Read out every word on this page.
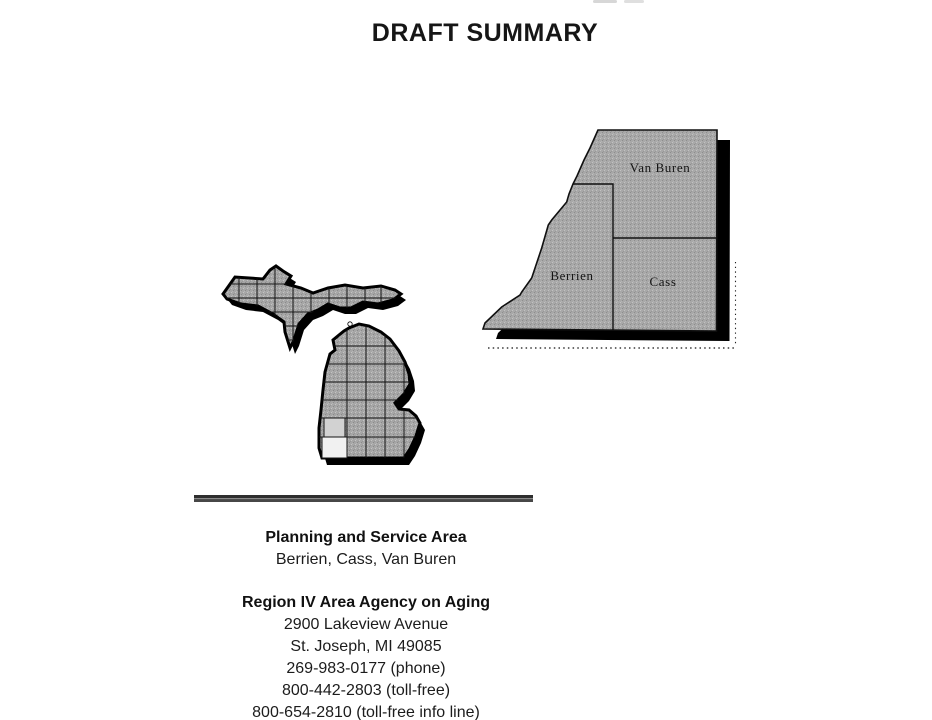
DRAFT SUMMARY
Van Buren
Berrien	Cass
Planning and Service Area
Berrien, Cass, Van Buren
Region IV Area Agency on Aging
2900 Lakeview Avenue
St. Joseph, MI 49085
269-983-0177 (phone)
800-442-2803 (toll-free)
800-654-2810 (toll-free info line)
